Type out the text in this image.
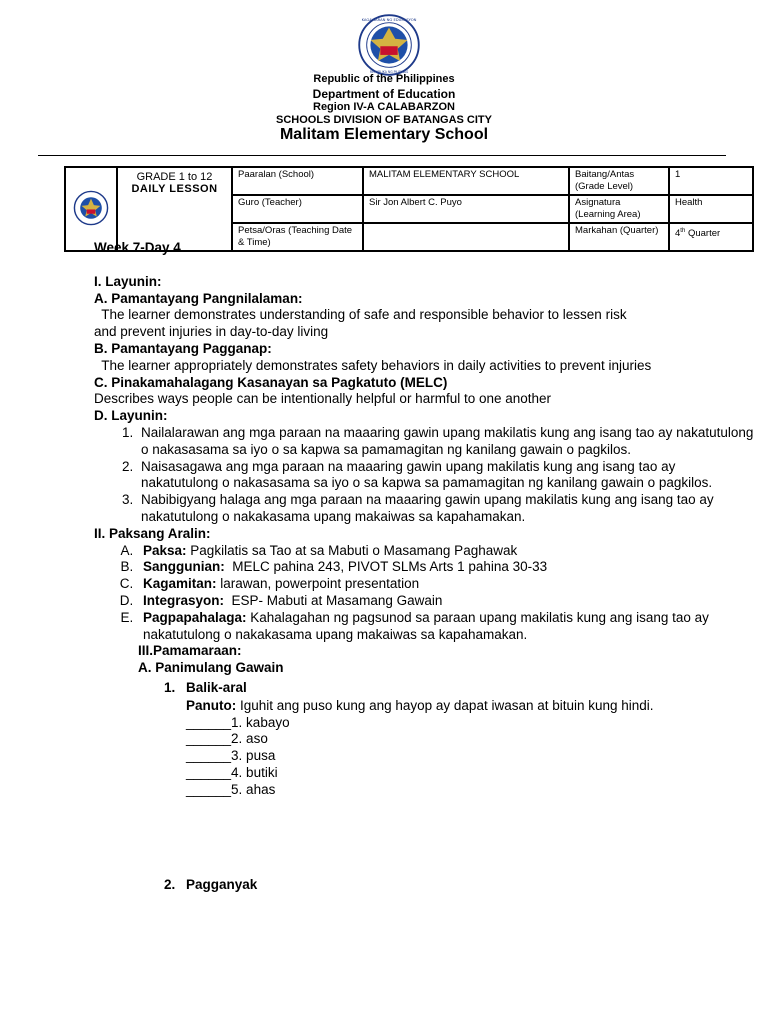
KAGAWARAN NG EDUKASYON
REPUBLIKA NG PILIPINAS
Republic of the Philippines
Department of Education
Region IV-A CALABARZON
SCHOOLS DIVISION OF BATANGAS CITY
Malitam Elementary School

GRADE 1 to 12
DAILY LESSON	Paaralan (School)	MALITAM ELEMENTARY SCHOOL	Baitang/Antas (Grade Level)	1
		Guro (Teacher)	Sir Jon Albert C. Puyo	Asignatura (Learning Area)	Health
		Petsa/Oras (Teaching Date & Time)		Markahan (Quarter)	4th Quarter

Week 7-Day 4

I. Layunin:

A. Pamantayang Pangnilalaman:

The learner demonstrates understanding of safe and responsible behavior to lessen risk

and prevent injuries in day-to-day living

B. Pamantayang Pagganap:

The learner appropriately demonstrates safety behaviors in daily activities to prevent injuries

C. Pinakamahalagang Kasanayan sa Pagkatuto (MELC)

Describes ways people can be intentionally helpful or harmful to one another

D. Layunin:

1. Nailalarawan ang mga paraan na maaaring gawin upang makilatis kung ang isang tao ay nakatutulong o nakasasama sa iyo o sa kapwa sa pamamagitan ng kanilang gawain o pagkilos.
2. Naisasagawa ang mga paraan na maaaring gawin upang makilatis kung ang isang tao ay nakatutulong o nakasasama sa iyo o sa kapwa sa pamamagitan ng kanilang gawain o pagkilos.
3. Nabibigyang halaga ang mga paraan na maaaring gawin upang makilatis kung ang isang tao ay nakatutulong o nakakasama upang makaiwas sa kapahamakan.

II. Paksang Aralin:

A. Paksa: Pagkilatis sa Tao at sa Mabuti o Masamang Paghawak
B. Sanggunian:  MELC pahina 243, PIVOT SLMs Arts 1 pahina 30-33
C. Kagamitan: larawan, powerpoint presentation
D. Integrasyon:  ESP- Mabuti at Masamang Gawain
E. Pagpapahalaga: Kahalagahan ng pagsunod sa paraan upang makilatis kung ang isang tao ay nakatutulong o nakakasama upang makaiwas sa kapahamakan.

III.Pamamaraan:

A. Panimulang Gawain

1. Balik-aral

Panuto: Iguhit ang puso kung ang hayop ay dapat iwasan at bituin kung hindi.

______1. kabayo

______2. aso

______3. pusa

______4. butiki

______5. ahas

2. Pagganyak
